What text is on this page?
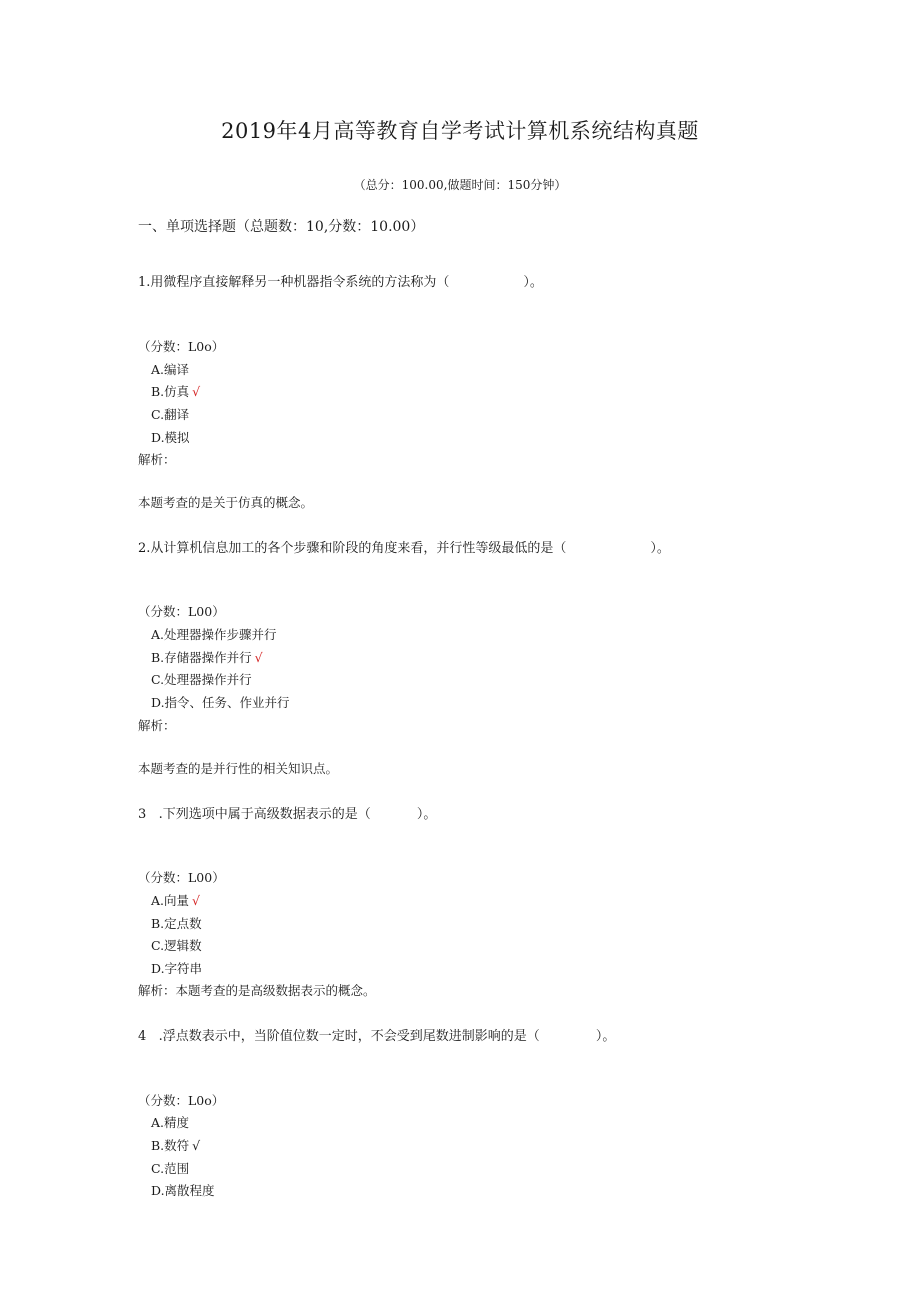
2019年4月高等教育自学考试计算机系统结构真题
（总分：100.00,做题时间：150分钟）
一、单项选择题（总题数：10,分数：10.00）
1.用微程序直接解释另一种机器指令系统的方法称为（	）。
（分数：L0o）
A.编译
B.仿真 √
C.翻译
D.模拟
解析：
本题考查的是关于仿真的概念。
2.从计算机信息加工的各个步骤和阶段的角度来看，并行性等级最低的是（	）。
（分数：L00）
A.处理器操作步骤并行
B.存储器操作并行 √
C.处理器操作并行
D.指令、任务、作业并行
解析：
本题考查的是并行性的相关知识点。
3   .下列选项中属于高级数据表示的是（	）。
（分数：L00）
A.向量 √
B.定点数
C.逻辑数
D.字符串
解析：本题考查的是高级数据表示的概念。
4   .浮点数表示中，当阶值位数一定时，不会受到尾数进制影响的是（	）。
（分数：L0o）
A.精度
B.数符 √
C.范围
D.离散程度
